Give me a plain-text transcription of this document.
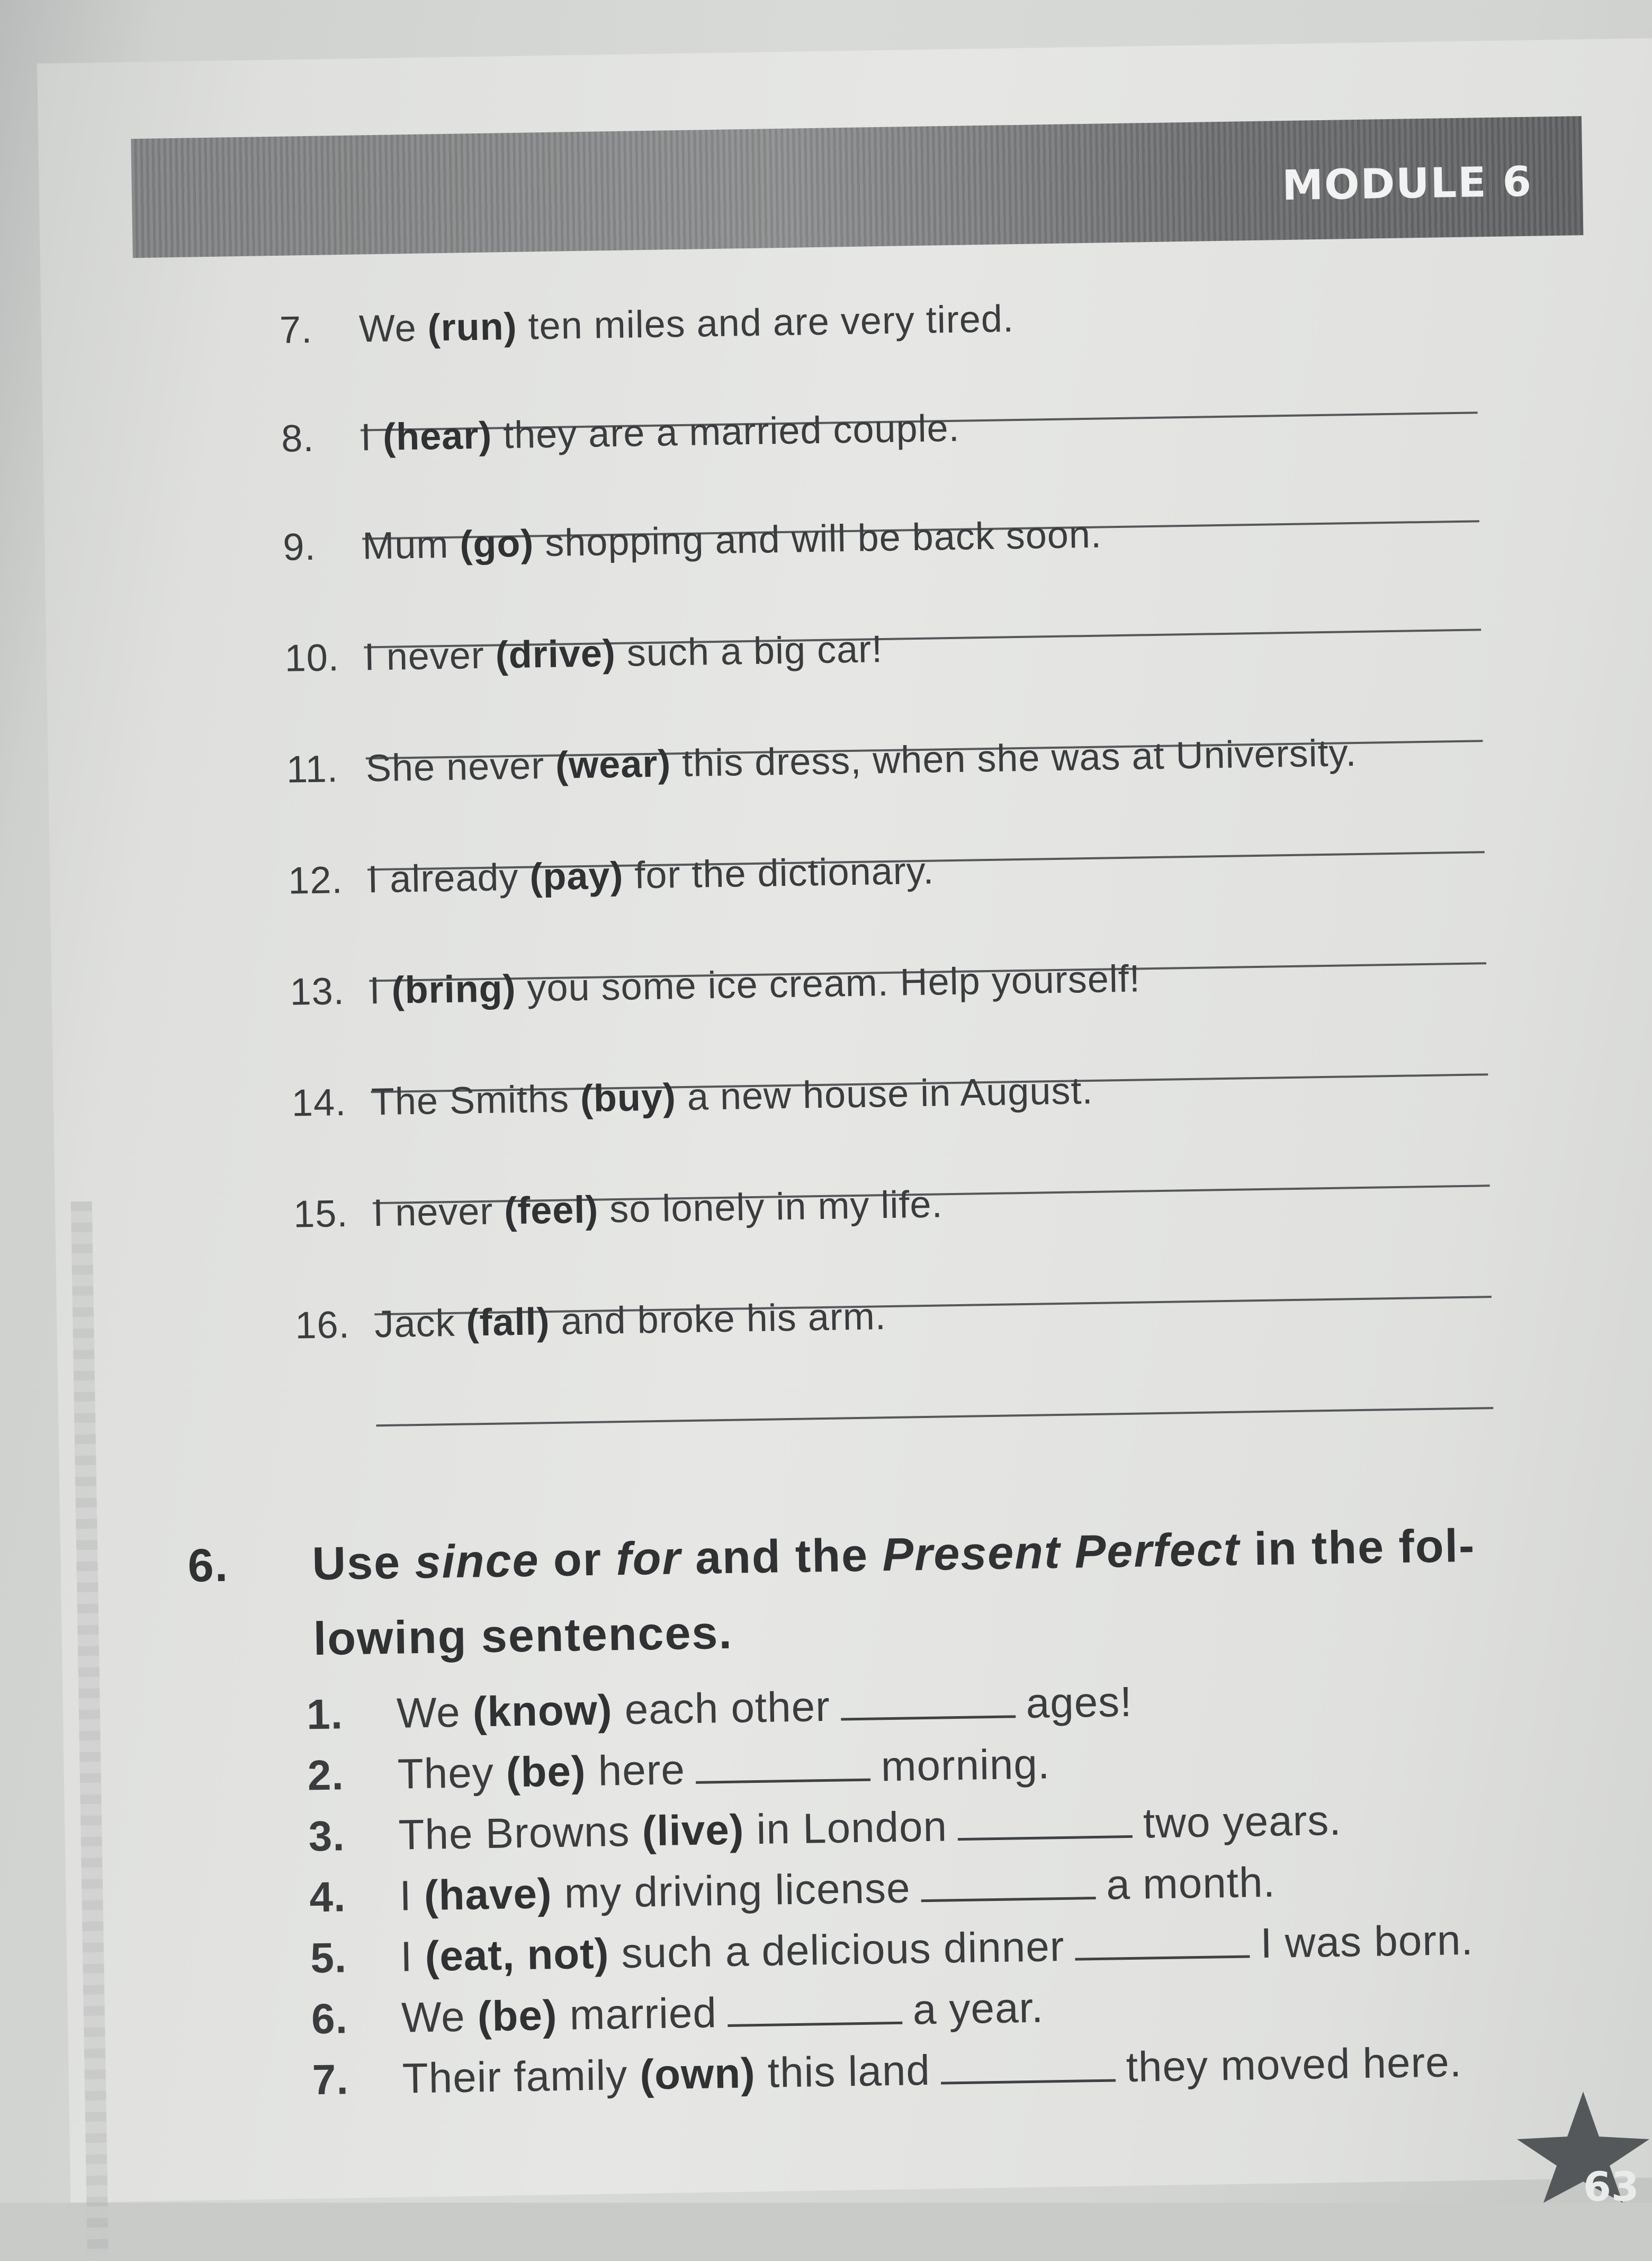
MODULE 6
7. We (run) ten miles and are very tired.
8. I (hear) they are a married couple.
9. Mum (go) shopping and will be back soon.
10. I never (drive) such a big car!
11. She never (wear) this dress, when she was at University.
12. I already (pay) for the dictionary.
13. I (bring) you some ice cream. Help yourself!
14. The Smiths (buy) a new house in August.
15. I never (feel) so lonely in my life.
16. Jack (fall) and broke his arm.
6. Use since or for and the Present Perfect in the fol-lowing sentences.
1. We (know) each other	ages!
2. They (be) here	morning.
3. The Browns (live) in London	two years.
4. I (have) my driving license	a month.
5. I (eat, not) such a delicious dinner	I was born.
6. We (be) married	a year.
7. Their family (own) this land	they moved here.
63
